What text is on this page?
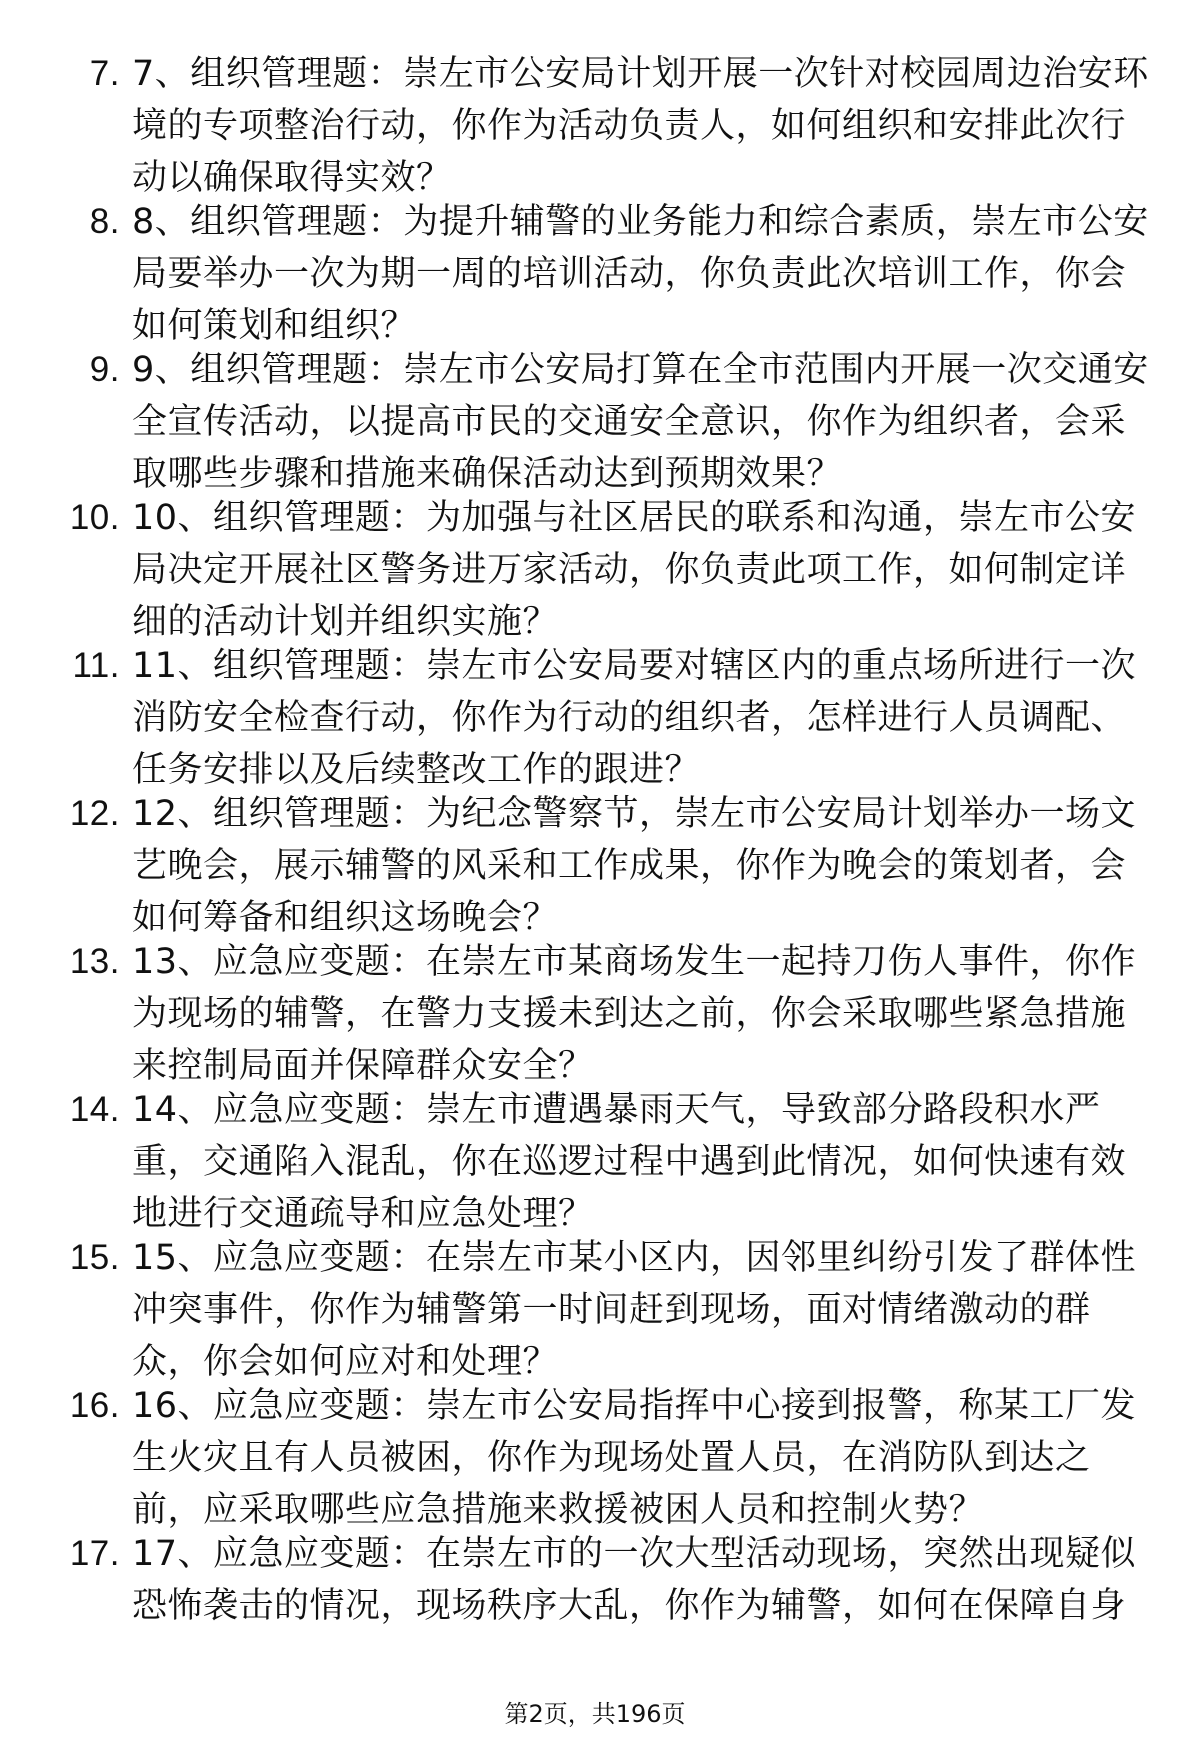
7. 7、组织管理题：崇左市公安局计划开展一次针对校园周边治安环境的专项整治行动，你作为活动负责人，如何组织和安排此次行动以确保取得实效？
8. 8、组织管理题：为提升辅警的业务能力和综合素质，崇左市公安局要举办一次为期一周的培训活动，你负责此次培训工作，你会如何策划和组织？
9. 9、组织管理题：崇左市公安局打算在全市范围内开展一次交通安全宣传活动，以提高市民的交通安全意识，你作为组织者，会采取哪些步骤和措施来确保活动达到预期效果？
10. 10、组织管理题：为加强与社区居民的联系和沟通，崇左市公安局决定开展社区警务进万家活动，你负责此项工作，如何制定详细的活动计划并组织实施？
11. 11、组织管理题：崇左市公安局要对辖区内的重点场所进行一次消防安全检查行动，你作为行动的组织者，怎样进行人员调配、任务安排以及后续整改工作的跟进？
12. 12、组织管理题：为纪念警察节，崇左市公安局计划举办一场文艺晚会，展示辅警的风采和工作成果，你作为晚会的策划者，会如何筹备和组织这场晚会？
13. 13、应急应变题：在崇左市某商场发生一起持刀伤人事件，你作为现场的辅警，在警力支援未到达之前，你会采取哪些紧急措施来控制局面并保障群众安全？
14. 14、应急应变题：崇左市遭遇暴雨天气，导致部分路段积水严重，交通陷入混乱，你在巡逻过程中遇到此情况，如何快速有效地进行交通疏导和应急处理？
15. 15、应急应变题：在崇左市某小区内，因邻里纠纷引发了群体性冲突事件，你作为辅警第一时间赶到现场，面对情绪激动的群众，你会如何应对和处理？
16. 16、应急应变题：崇左市公安局指挥中心接到报警，称某工厂发生火灾且有人员被困，你作为现场处置人员，在消防队到达之前，应采取哪些应急措施来救援被困人员和控制火势？
17. 17、应急应变题：在崇左市的一次大型活动现场，突然出现疑似恐怖袭击的情况，现场秩序大乱，你作为辅警，如何在保障自身
第2页，共196页
